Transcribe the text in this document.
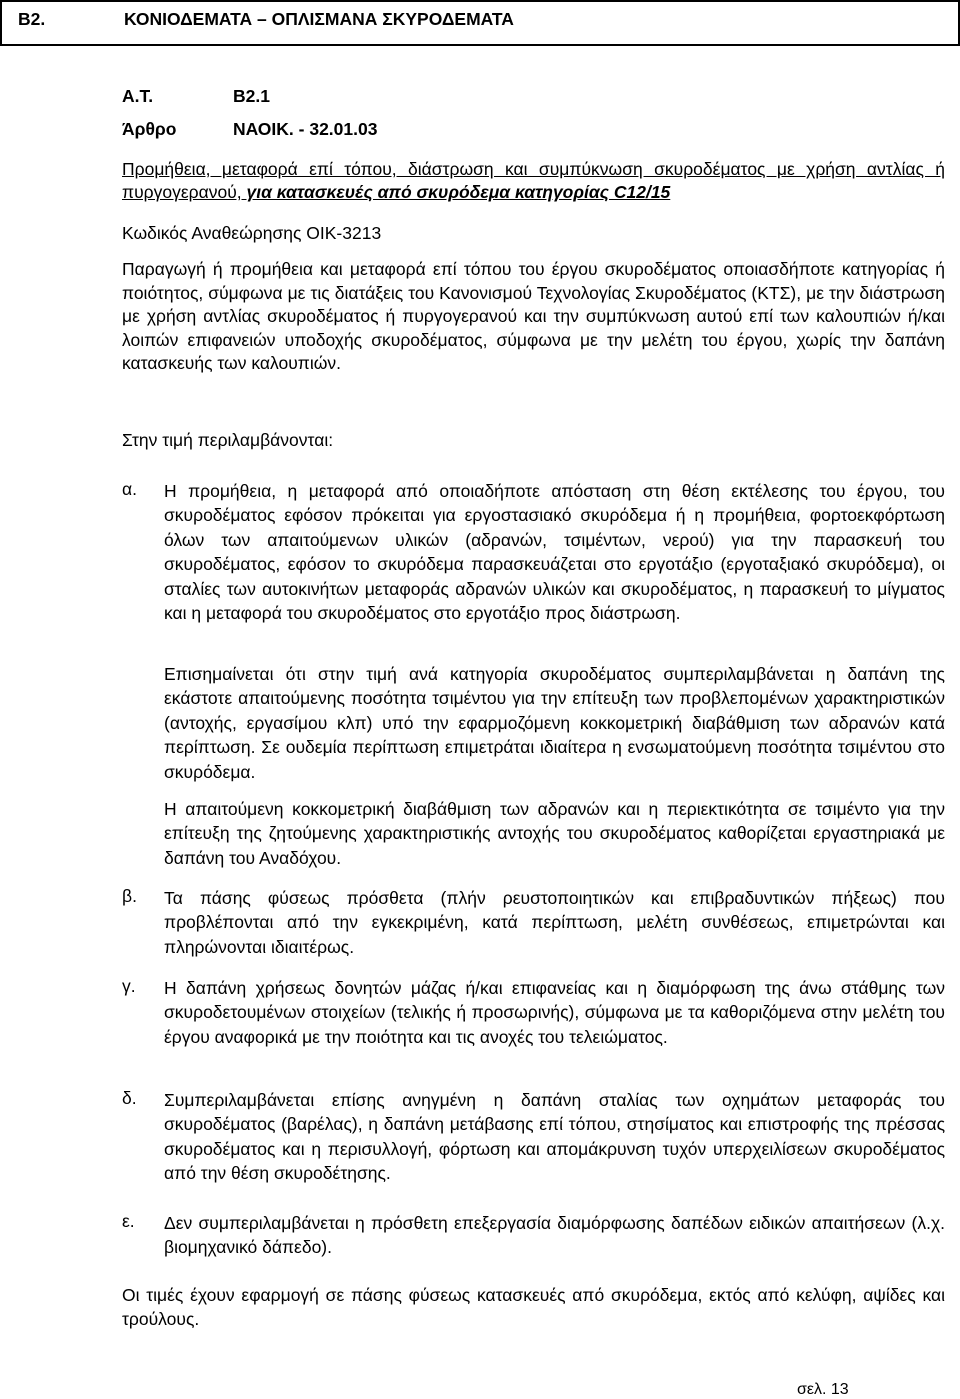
B2.	ΚΟΝΙΟΔΕΜΑΤΑ – ΟΠΛΙΣΜΑΝΑ ΣΚΥΡΟΔΕΜΑΤΑ
Α.Τ.	B2.1
Άρθρο	ΝΑΟΙΚ. - 32.01.03
Προμήθεια, μεταφορά επί τόπου, διάστρωση και συμπύκνωση σκυροδέματος με χρήση αντλίας ή πυργογερανού, για κατασκευές από σκυρόδεμα κατηγορίας C12/15
Κωδικός Αναθεώρησης ΟΙΚ-3213
Παραγωγή ή προμήθεια και μεταφορά επί τόπου του έργου σκυροδέματος οποιασδήποτε κατηγορίας ή ποιότητος, σύμφωνα με τις διατάξεις του Κανονισμού Τεχνολογίας Σκυροδέματος (ΚΤΣ), με την διάστρωση με χρήση αντλίας σκυροδέματος ή πυργογερανού και την συμπύκνωση αυτού επί των καλουπιών ή/και λοιπών επιφανειών υποδοχής σκυροδέματος, σύμφωνα με την μελέτη του έργου, χωρίς την δαπάνη κατασκευής των καλουπιών.
Στην τιμή περιλαμβάνονται:
α. Η προμήθεια, η μεταφορά από οποιαδήποτε απόσταση στη θέση εκτέλεσης του έργου, του σκυροδέματος εφόσον πρόκειται για εργοστασιακό σκυρόδεμα ή η προμήθεια, φορτοεκφόρτωση όλων των απαιτούμενων υλικών (αδρανών, τσιμέντων, νερού) για την παρασκευή του σκυροδέματος, εφόσον το σκυρόδεμα παρασκευάζεται στο εργοτάξιο (εργοταξιακό σκυρόδεμα), οι σταλίες των αυτοκινήτων μεταφοράς αδρανών υλικών και σκυροδέματος, η παρασκευή το μίγματος και η μεταφορά του σκυροδέματος στο εργοτάξιο προς διάστρωση.
Επισημαίνεται ότι στην τιμή ανά κατηγορία σκυροδέματος συμπεριλαμβάνεται η δαπάνη της εκάστοτε απαιτούμενης ποσότητα τσιμέντου για την επίτευξη των προβλεπομένων χαρακτηριστικών (αντοχής, εργασίμου κλπ) υπό την εφαρμοζόμενη κοκκομετρική διαβάθμιση των αδρανών κατά περίπτωση. Σε ουδεμία περίπτωση επιμετράται ιδιαίτερα η ενσωματούμενη ποσότητα τσιμέντου στο σκυρόδεμα.
Η απαιτούμενη κοκκομετρική διαβάθμιση των αδρανών και η περιεκτικότητα σε τσιμέντο για την επίτευξη της ζητούμενης χαρακτηριστικής αντοχής του σκυροδέματος καθορίζεται εργαστηριακά με δαπάνη του Αναδόχου.
β. Τα πάσης φύσεως πρόσθετα (πλήν ρευστοποιητικών και επιβραδυντικών πήξεως) που προβλέπονται από την εγκεκριμένη, κατά περίπτωση, μελέτη συνθέσεως, επιμετρώνται και πληρώνονται ιδιαιτέρως.
γ. Η δαπάνη χρήσεως δονητών μάζας ή/και επιφανείας και η διαμόρφωση της άνω στάθμης των σκυροδετουμένων στοιχείων (τελικής ή προσωρινής), σύμφωνα με τα καθοριζόμενα στην μελέτη του έργου αναφορικά με την ποιότητα και τις ανοχές του τελειώματος.
δ. Συμπεριλαμβάνεται επίσης ανηγμένη η δαπάνη σταλίας των οχημάτων μεταφοράς του σκυροδέματος (βαρέλας), η δαπάνη μετάβασης επί τόπου, στησίματος και επιστροφής της πρέσσας σκυροδέματος και η περισυλλογή, φόρτωση και απομάκρυνση τυχόν υπερχειλίσεων σκυροδέματος από την θέση σκυροδέτησης.
ε. Δεν συμπεριλαμβάνεται η πρόσθετη επεξεργασία διαμόρφωσης δαπέδων ειδικών απαιτήσεων (λ.χ. βιομηχανικό δάπεδο).
Οι τιμές έχουν εφαρμογή σε πάσης φύσεως κατασκευές από σκυρόδεμα, εκτός από κελύφη, αψίδες και τρούλους.
σελ. 13
